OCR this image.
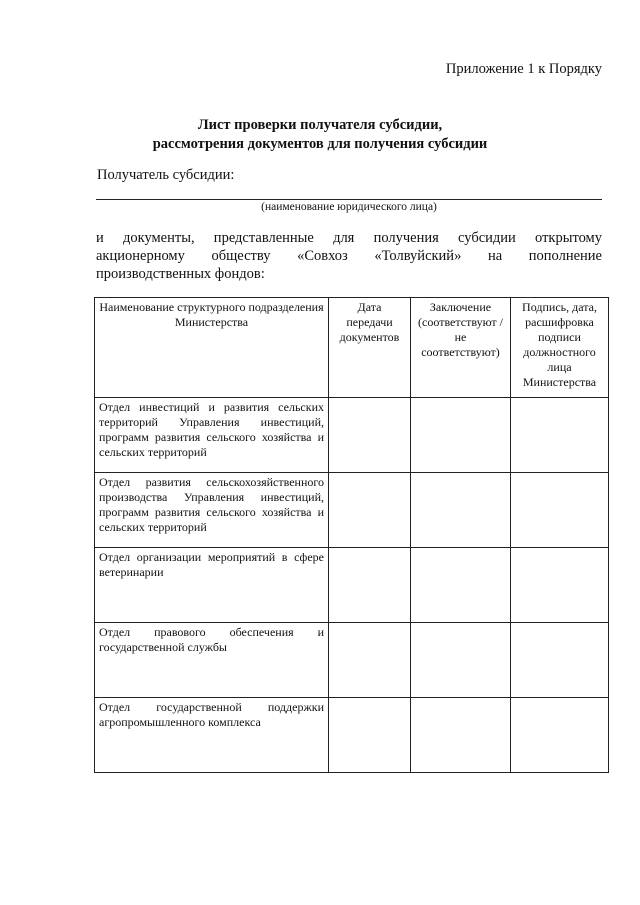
Приложение 1 к Порядку
Лист проверки получателя субсидии,
рассмотрения документов для получения субсидии
Получатель субсидии:
(наименование юридического лица)
и документы, представленные для получения субсидии открытому
акционерному обществу «Совхоз «Толвуйский» на пополнение
производственных фондов:
Наименование структурного подразделения Министерства	Дата передачи документов	Заключение (соответствуют / не соответствуют)	Подпись, дата, расшифровка подписи должностного лица Министерства
Отдел инвестиций и развития сельских территорий Управления инвестиций, программ развития сельского хозяйства и сельских территорий			
Отдел развития сельскохозяйственного производства Управления инвестиций, программ развития сельского хозяйства и сельских территорий			
Отдел организации мероприятий в сфере ветеринарии			
Отдел правового обеспечения и государственной службы			
Отдел государственной поддержки агропромышленного комплекса			
